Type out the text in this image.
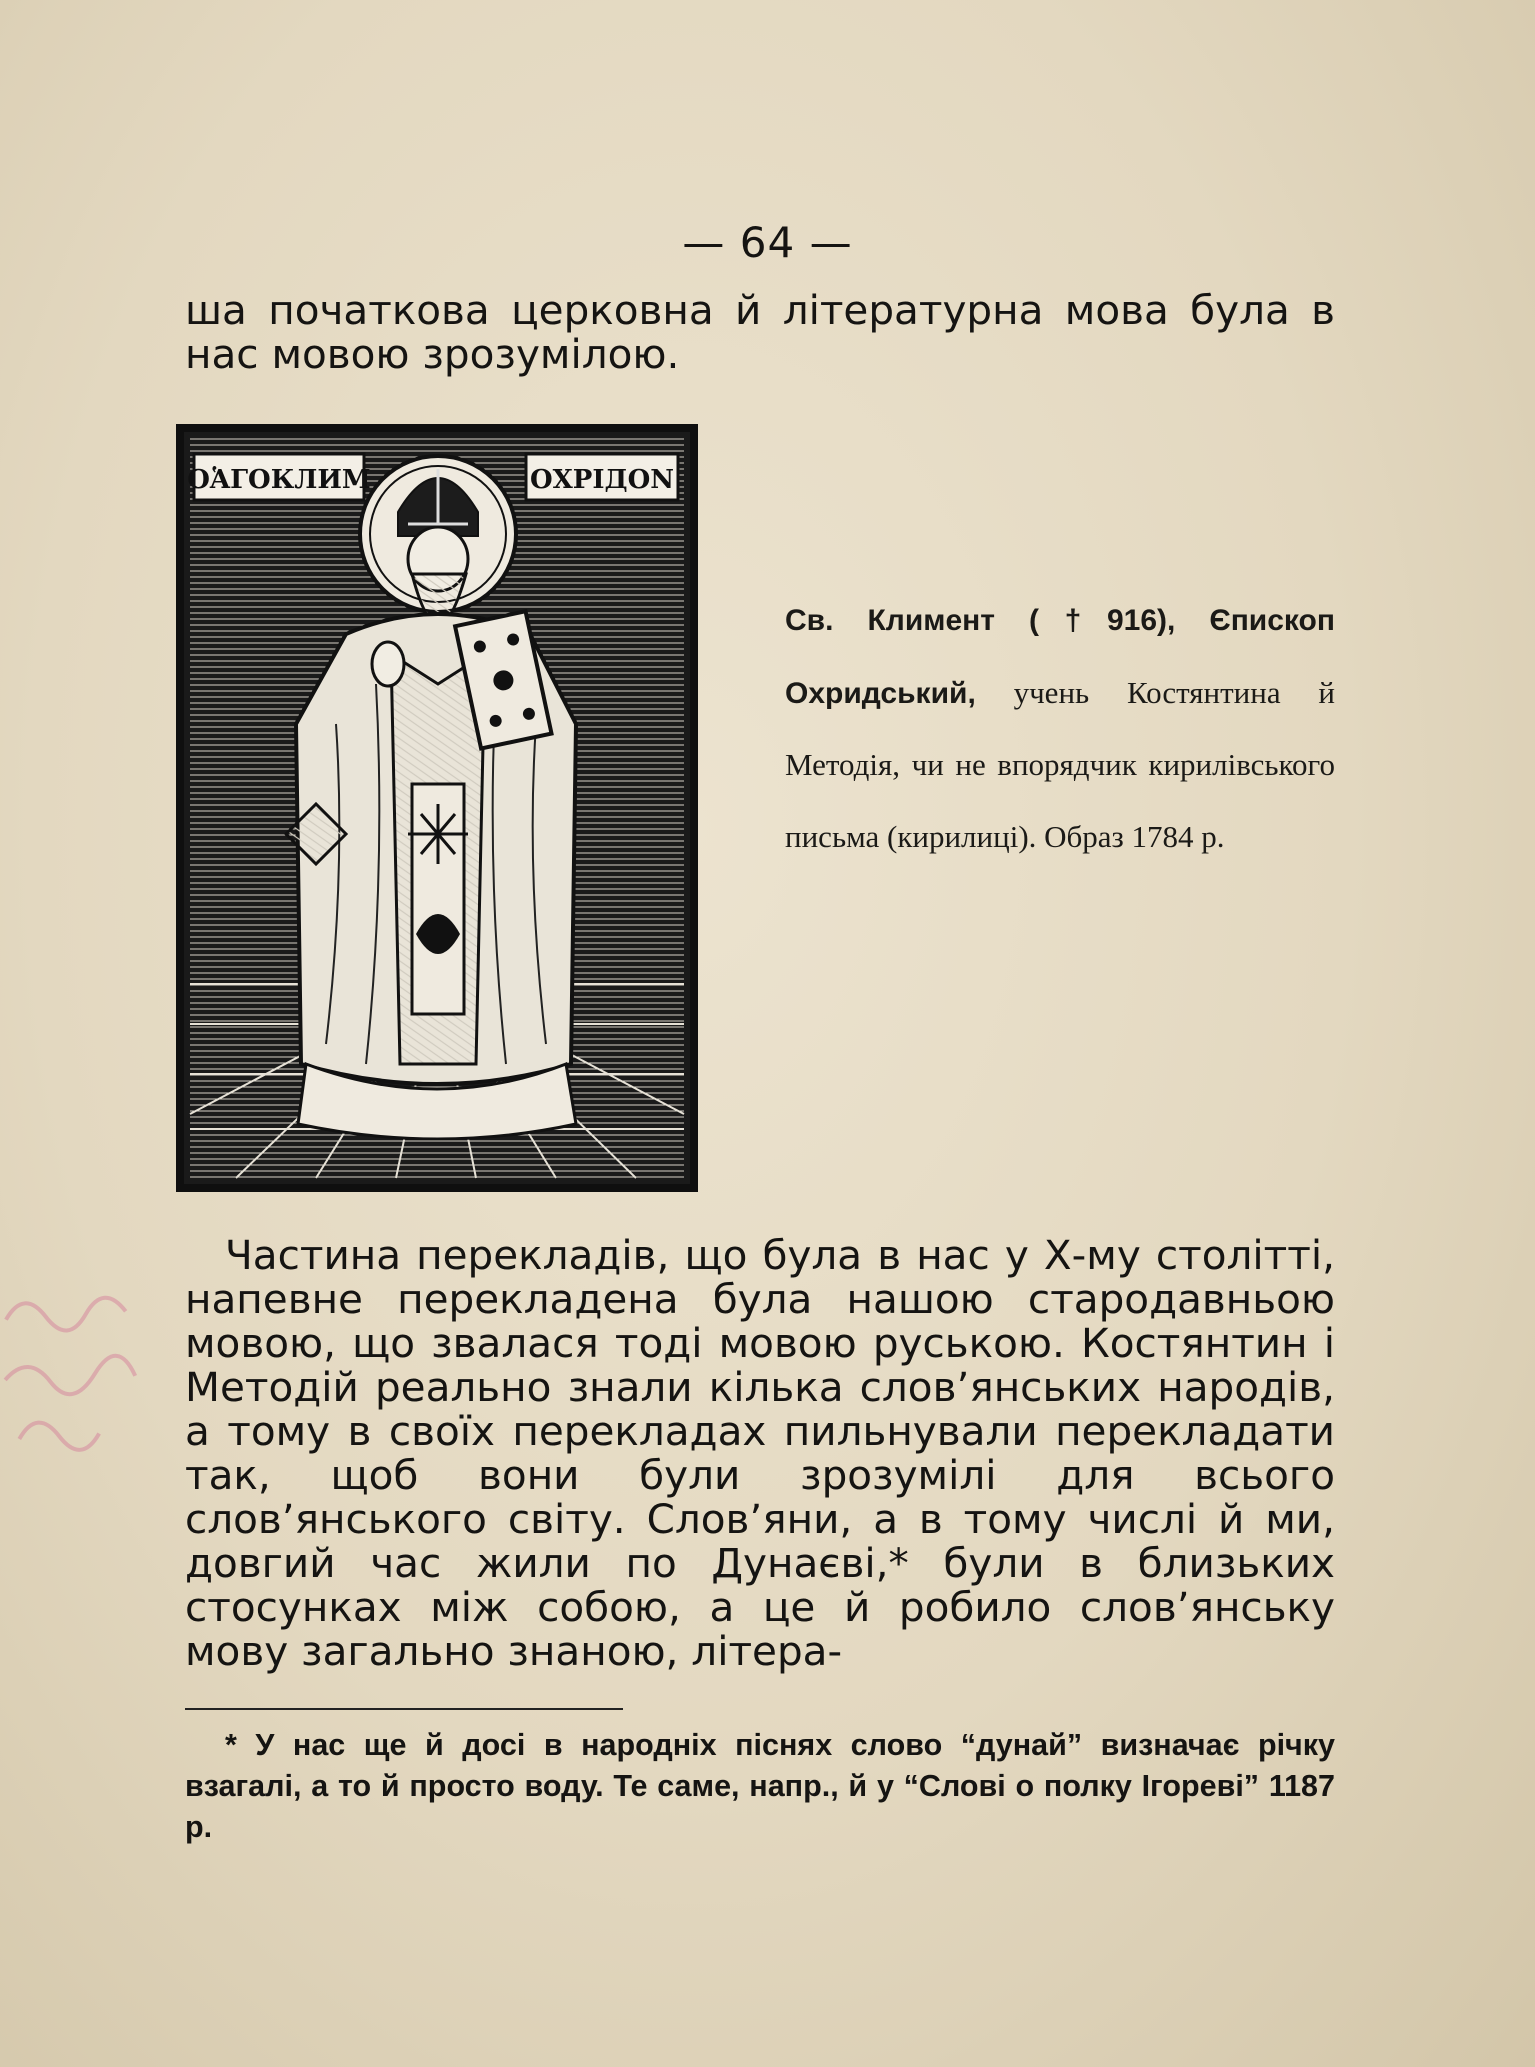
— 64 —

ша початкова церковна й літературна мова була в нас мовою зрозумілою.

ОἉГОКЛИМ	ОХРІДОN

Св. Климент (†916), Єпископ Охридський, учень Костянтина й Методія, чи не впорядчик кирилівського письма (кирилиці). Образ 1784 р.

Частина перекладів, що була в нас у Х-му столітті, напевне перекладена була нашою стародавньою мовою, що звалася тоді мовою руською. Костянтин і Методій реально знали кілька слов’янських народів, а тому в своїх перекладах пильнували перекладати так, щоб вони були зрозумілі для всього слов’янського світу. Слов’яни, а в тому числі й ми, довгий час жили по Дунаєві,* були в близьких стосунках між собою, а це й робило слов’янську мову загально знаною, літера-

* У нас ще й досі в народніх піснях слово “дунай” визначає річку взагалі, а то й просто воду. Те саме, напр., й у “Слові о полку Ігореві” 1187 р.
